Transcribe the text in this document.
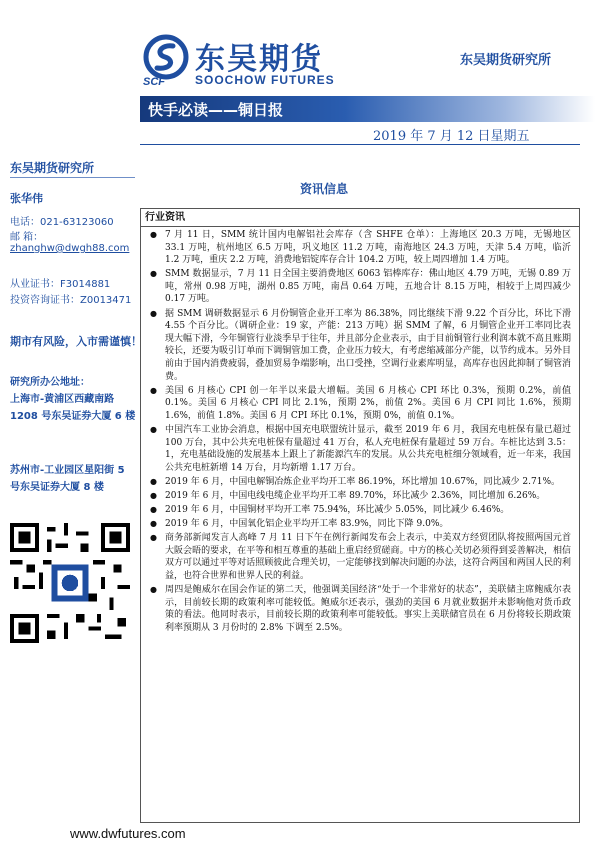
SCF
东吴期货
SOOCHOW FUTURES
东吴期货研究所
快手必读——铜日报
2019 年 7 月 12 日星期五
东吴期货研究所
张华伟
电话：021-63123060
邮 箱：
zhanghw@dwgh88.com
从业证书：F3014881
投资咨询证书：Z0013471
期市有风险，入市需谨慎！
研究所办公地址：
上海市-黄浦区西藏南路 1208 号东吴证券大厦 6 楼
苏州市-工业园区星阳街 5 号东吴证券大厦 8 楼
资讯信息
行业资讯
● 7 月 11 日，SMM 统计国内电解铝社会库存（含 SHFE 仓单）：上海地区 20.3 万吨，无锡地区 33.1 万吨，杭州地区 6.5 万吨，巩义地区 11.2 万吨，南海地区 24.3 万吨，天津 5.4 万吨，临沂 1.2 万吨，重庆 2.2 万吨，消费地铝锭库存合计 104.2 万吨，较上周四增加 1.4 万吨。
● SMM 数据显示，7 月 11 日全国主要消费地区 6063 铝棒库存：佛山地区 4.79 万吨，无锡 0.89 万吨，常州 0.98 万吨，湖州 0.85 万吨，南昌 0.64 万吨，五地合计 8.15 万吨，相较于上周四减少 0.17 万吨。
● 据 SMM 调研数据显示 6 月份铜管企业开工率为 86.38%，同比继续下滑 9.22 个百分比，环比下滑 4.55 个百分比。（调研企业：19 家，产能：213 万吨）据 SMM 了解，6 月铜管企业开工率同比表现大幅下滑，今年铜管行业淡季早于往年，并且部分企业表示，由于目前铜管行业利润本就不高且账期较长，还要为吸引订单而下调铜管加工费，企业压力较大，有考虑缩减部分产能，以节约成本。另外目前由于国内消费疲弱，叠加贸易争端影响，出口受挫，空调行业素库明显，高库存也因此抑制了铜管消费。
● 美国 6 月核心 CPI 创一年半以来最大增幅。美国 6 月核心 CPI 环比 0.3%，预期 0.2%，前值 0.1%。美国 6 月核心 CPI 同比 2.1%，预期 2%，前值 2%。美国 6 月 CPI 同比 1.6%，预期 1.6%，前值 1.8%。美国 6 月 CPI 环比 0.1%，预期 0%，前值 0.1%。
● 中国汽车工业协会消息，根据中国充电联盟统计显示，截至 2019 年 6 月，我国充电桩保有量已超过 100 万台，其中公共充电桩保有量超过 41 万台，私人充电桩保有量超过 59 万台。车桩比达到 3.5：1，充电基础设施的发展基本上跟上了新能源汽车的发展。从公共充电桩细分领域看，近一年来，我国公共充电桩新增 14 万台，月均新增 1.17 万台。
● 2019 年 6 月，中国电解铜冶炼企业平均开工率 86.19%，环比增加 10.67%，同比减少 2.71%。
● 2019 年 6 月，中国电线电缆企业平均开工率 89.70%，环比减少 2.36%，同比增加 6.26%。
● 2019 年 6 月，中国铜材平均开工率 75.94%，环比减少 5.05%，同比减少 6.46%。
● 2019 年 6 月，中国氧化铝企业平均开工率 83.9%，同比下降 9.0%。
● 商务部新闻发言人高峰 7 月 11 日下午在例行新闻发布会上表示，中美双方经贸团队将按照两国元首大阪会晤的要求，在平等和相互尊重的基础上重启经贸磋商。中方的核心关切必须得到妥善解决，相信双方可以通过平等对话照顾彼此合理关切，一定能够找到解决问题的办法，这符合两国和两国人民的利益，也符合世界和世界人民的利益。
● 周四是鲍威尔在国会作证的第二天，他强调美国经济“处于一个非常好的状态”，美联储主席鲍威尔表示，目前较长期的政策利率可能较低。鲍威尔还表示，强劲的美国 6 月就业数据并未影响他对货币政策的看法。他同时表示，目前较长期的政策利率可能较低。事实上美联储官员在 6 月份将较长期政策利率预期从 3 月份时的 2.8% 下调至 2.5%。
www.dwfutures.com
